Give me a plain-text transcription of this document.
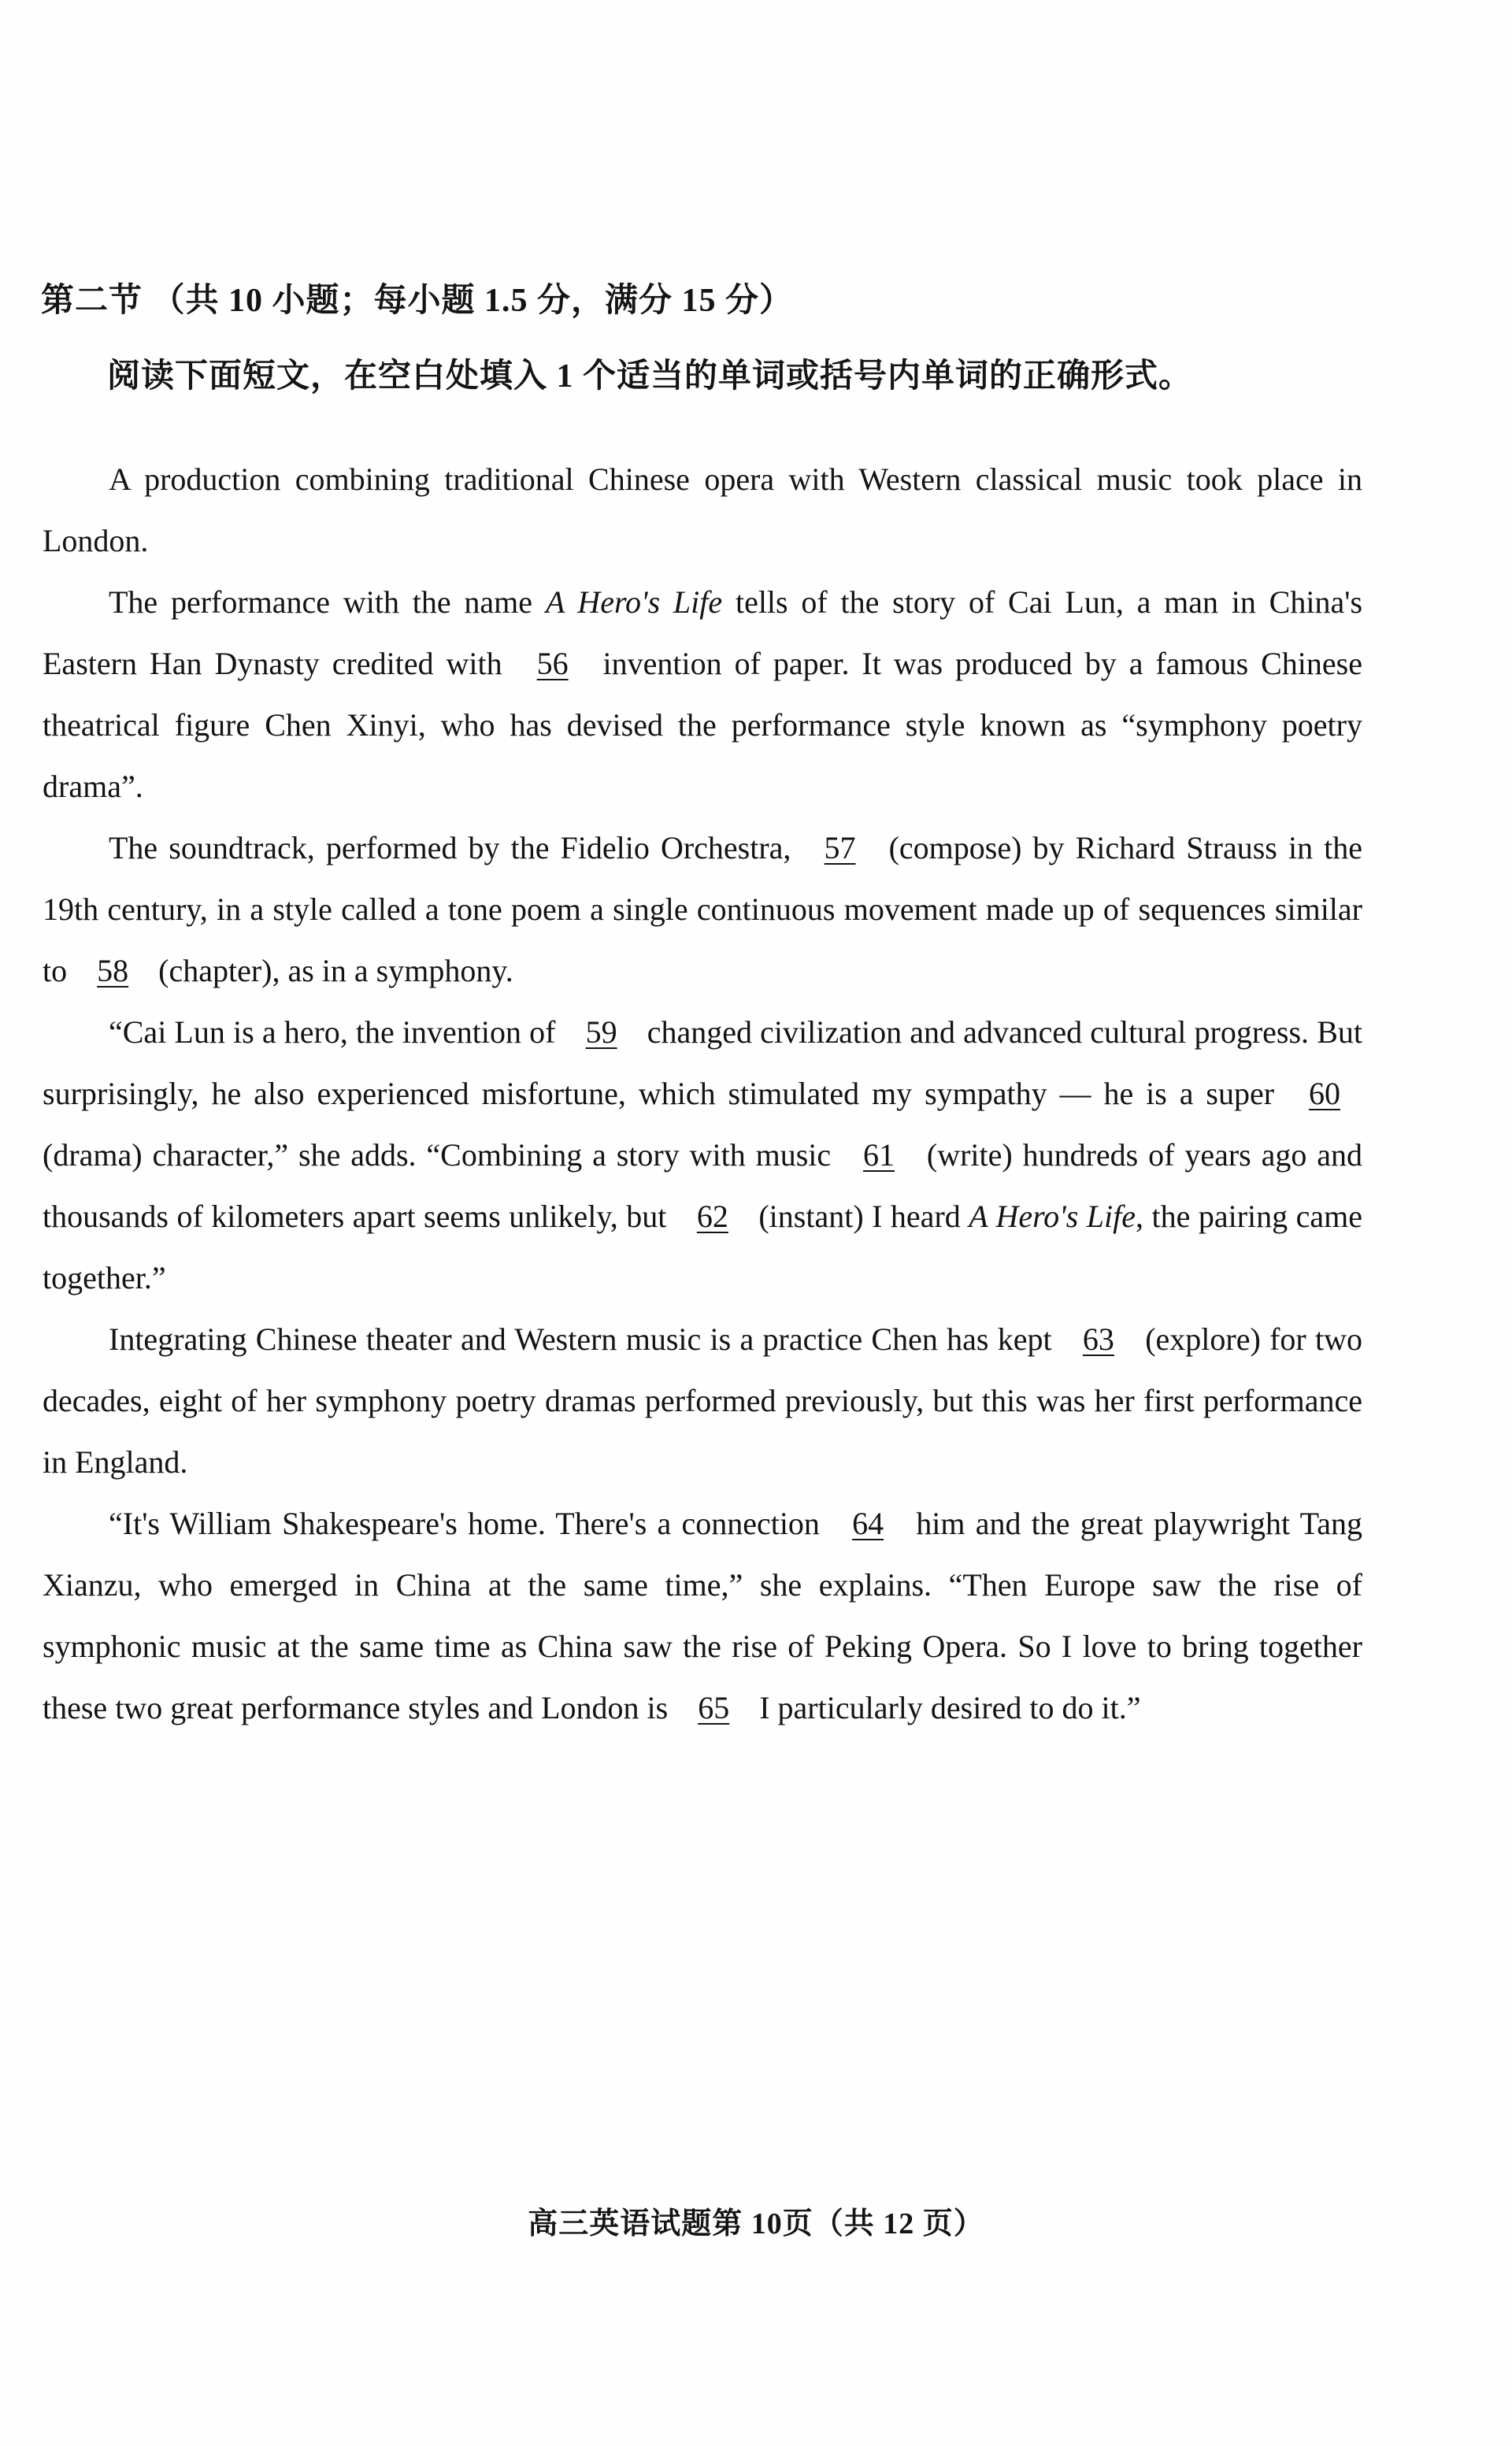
第二节 （共 10 小题；每小题 1.5 分，满分 15 分）
阅读下面短文，在空白处填入 1 个适当的单词或括号内单词的正确形式。

A production combining traditional Chinese opera with Western classical music took place in London.

The performance with the name A Hero's Life tells of the story of Cai Lun, a man in China's Eastern Han Dynasty credited with 56 invention of paper. It was produced by a famous Chinese theatrical figure Chen Xinyi, who has devised the performance style known as “symphony poetry drama”.

The soundtrack, performed by the Fidelio Orchestra, 57 (compose) by Richard Strauss in the 19th century, in a style called a tone poem a single continuous movement made up of sequences similar to 58 (chapter), as in a symphony.

“Cai Lun is a hero, the invention of 59 changed civilization and advanced cultural progress. But surprisingly, he also experienced misfortune, which stimulated my sympathy — he is a super 60 (drama) character,” she adds. “Combining a story with music 61 (write) hundreds of years ago and thousands of kilometers apart seems unlikely, but 62 (instant) I heard A Hero's Life, the pairing came together.”

Integrating Chinese theater and Western music is a practice Chen has kept 63 (explore) for two decades, eight of her symphony poetry dramas performed previously, but this was her first performance in England.

“It's William Shakespeare's home. There's a connection 64 him and the great playwright Tang Xianzu, who emerged in China at the same time,” she explains. “Then Europe saw the rise of symphonic music at the same time as China saw the rise of Peking Opera. So I love to bring together these two great performance styles and London is 65 I particularly desired to do it.”

高三英语试题第 10页（共 12 页）
